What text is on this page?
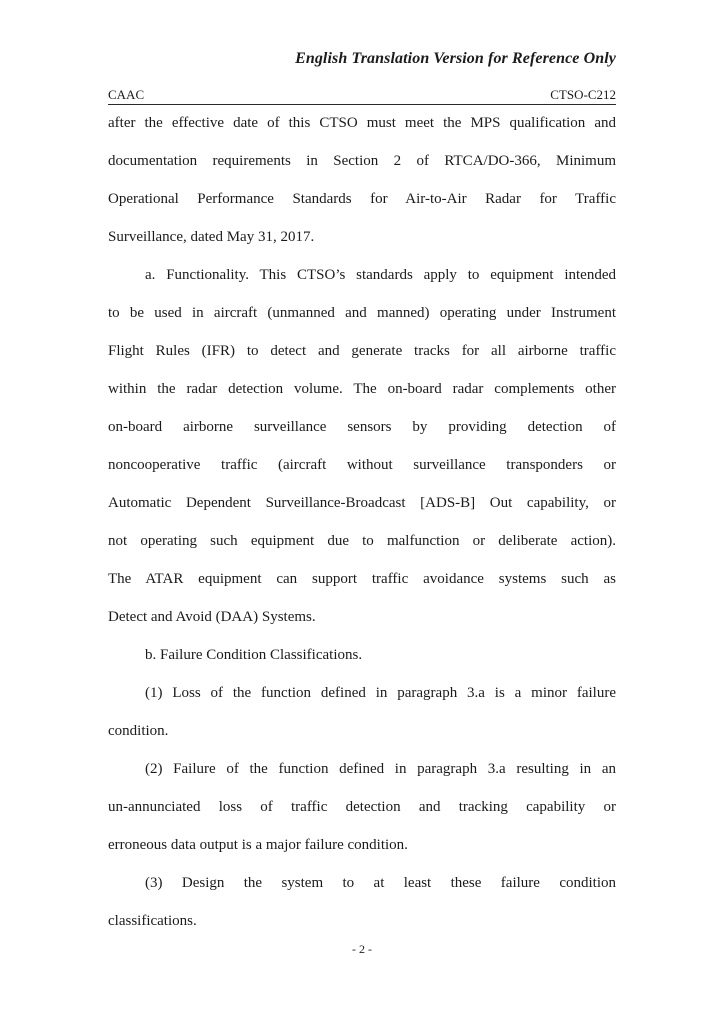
English Translation Version for Reference Only
CAAC	CTSO-C212
after the effective date of this CTSO must meet the MPS qualification and
documentation requirements in Section 2 of RTCA/DO-366, Minimum
Operational Performance Standards for Air-to-Air Radar for Traffic
Surveillance, dated May 31, 2017.
a. Functionality. This CTSO’s standards apply to equipment intended
to be used in aircraft (unmanned and manned) operating under Instrument
Flight Rules (IFR) to detect and generate tracks for all airborne traffic
within the radar detection volume. The on-board radar complements other
on-board airborne surveillance sensors by providing detection of
noncooperative traffic (aircraft without surveillance transponders or
Automatic Dependent Surveillance-Broadcast [ADS-B] Out capability, or
not operating such equipment due to malfunction or deliberate action).
The ATAR equipment can support traffic avoidance systems such as
Detect and Avoid (DAA) Systems.
b. Failure Condition Classifications.
(1) Loss of the function defined in paragraph 3.a is a minor failure
condition.
(2) Failure of the function defined in paragraph 3.a resulting in an
un-annunciated loss of traffic detection and tracking capability or
erroneous data output is a major failure condition.
(3) Design the system to at least these failure condition
classifications.
- 2 -
